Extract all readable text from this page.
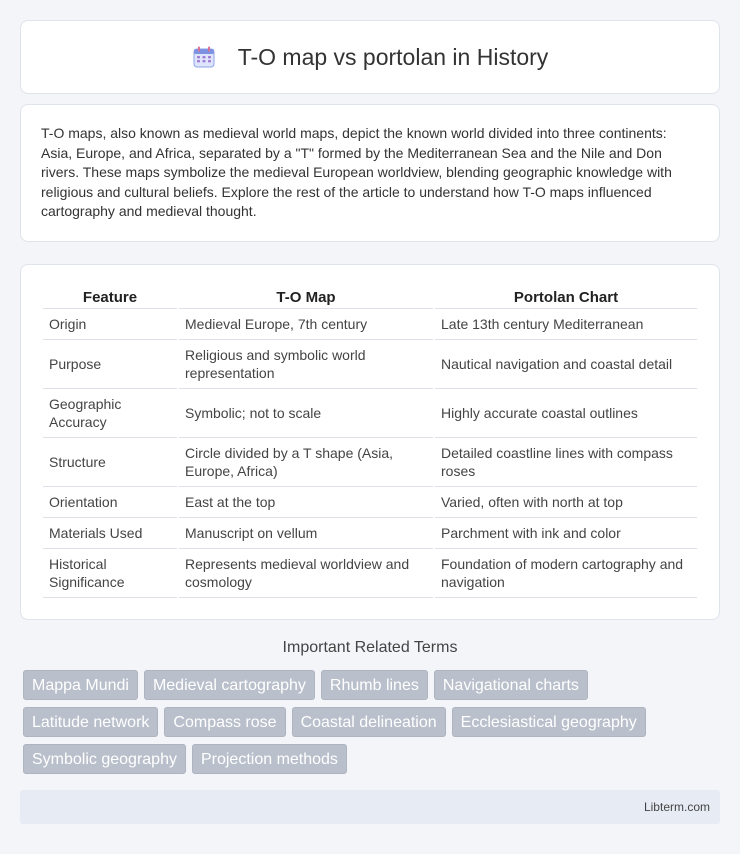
T-O map vs portolan in History

T-O maps, also known as medieval world maps, depict the known world divided into three continents: Asia, Europe, and Africa, separated by a "T" formed by the Mediterranean Sea and the Nile and Don rivers. These maps symbolize the medieval European worldview, blending geographic knowledge with religious and cultural beliefs. Explore the rest of the article to understand how T-O maps influenced cartography and medieval thought.

Feature	T-O Map	Portolan Chart
Origin	Medieval Europe, 7th century	Late 13th century Mediterranean
Purpose	Religious and symbolic world representation	Nautical navigation and coastal detail
Geographic Accuracy	Symbolic; not to scale	Highly accurate coastal outlines
Structure	Circle divided by a T shape (Asia, Europe, Africa)	Detailed coastline lines with compass roses
Orientation	East at the top	Varied, often with north at top
Materials Used	Manuscript on vellum	Parchment with ink and color
Historical Significance	Represents medieval worldview and cosmology	Foundation of modern cartography and navigation
Important Related Terms
Mappa Mundi	Medieval cartography	Rhumb lines	Navigational charts
Latitude network	Compass rose	Coastal delineation	Ecclesiastical geography
Symbolic geography	Projection methods
Libterm.com
